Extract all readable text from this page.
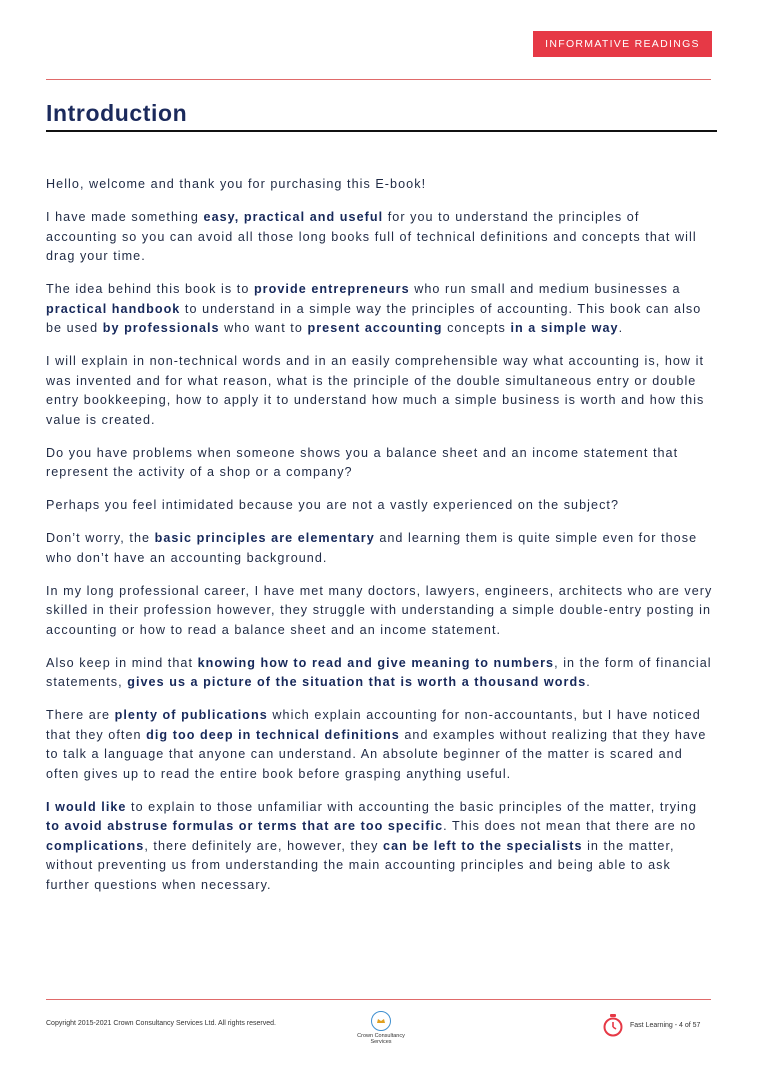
INFORMATIVE READINGS
Introduction

Hello, welcome and thank you for purchasing this E-book!

I have made something easy, practical and useful for you to understand the principles of accounting so you can avoid all those long books full of technical definitions and concepts that will drag your time.

The idea behind this book is to provide entrepreneurs who run small and medium businesses a practical handbook to understand in a simple way the principles of accounting. This book can also be used by professionals who want to present accounting concepts in a simple way.

I will explain in non-technical words and in an easily comprehensible way what accounting is, how it was invented and for what reason, what is the principle of the double simultaneous entry or double entry bookkeeping, how to apply it to understand how much a simple business is worth and how this value is created.

Do you have problems when someone shows you a balance sheet and an income statement that represent the activity of a shop or a company?

Perhaps you feel intimidated because you are not a vastly experienced on the subject?

Don’t worry, the basic principles are elementary and learning them is quite simple even for those who don’t have an accounting background.

In my long professional career, I have met many doctors, lawyers, engineers, architects who are very skilled in their profession however, they struggle with understanding a simple double-entry posting in accounting or how to read a balance sheet and an income statement.

Also keep in mind that knowing how to read and give meaning to numbers, in the form of financial statements, gives us a picture of the situation that is worth a thousand words.

There are plenty of publications which explain accounting for non-accountants, but I have noticed that they often dig too deep in technical definitions and examples without realizing that they have to talk a language that anyone can understand. An absolute beginner of the matter is scared and often gives up to read the entire book before grasping anything useful.

I would like to explain to those unfamiliar with accounting the basic principles of the matter, trying to avoid abstruse formulas or terms that are too specific. This does not mean that there are no complications, there definitely are, however, they can be left to the specialists in the matter, without preventing us from understanding the main accounting principles and being able to ask further questions when necessary.

Copyright 2015-2021 Crown Consultancy Services Ltd. All rights reserved.
Crown Consultancy
Services
Fast Learning - 4 of 57
